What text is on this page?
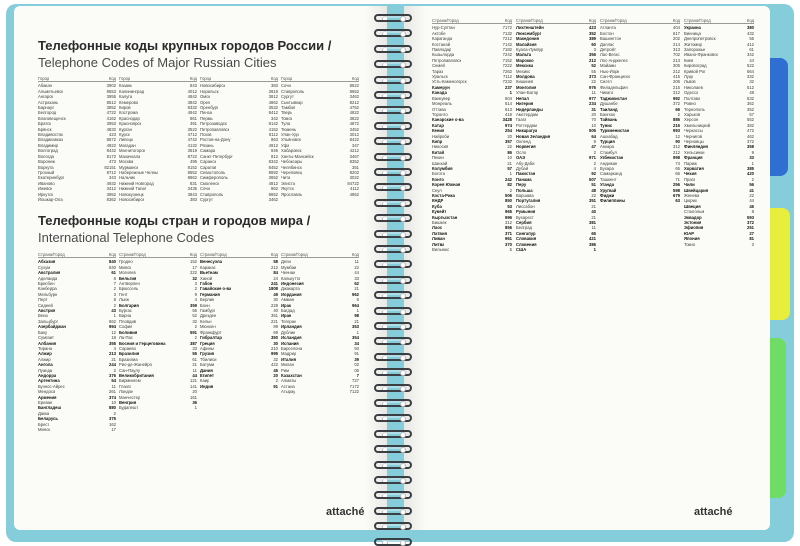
Телефонные коды крупных городов России /
Telephone Codes of Major Russian Cities
Город	Код
Абакан	3902
Альметьевск	8553
Ангарск	3955
Астрахань	8512
Барнаул	3852
Белгород	4722
Благовещенск	4162
Братск	3953
Брянск	4832
Владивосток	423
Владикавказ	8672
Владимир	4922
Волгоград	8442
Вологда	8172
Воронеж	473
Воркута	82151
Грозный	8712
Екатеринбург	343
Иваново	4932
Ижевск	3412
Иркутск	3952
Йошкар-Ола	8362
Город	Код
Казань	843
Калининград	4012
Калуга	4842
Кемерово	3842
Киров	8332
Кострома	4942
Краснодар	861
Красноярск	391
Курган	3522
Курск	4712
Липецк	4742
Магадан	4132
Магнитогорск	3519
Махачкала	8722
Москва	495
Мурманск	8152
Набережные Челны	8552
Нальчик	8662
Нижний Новгород	831
Нижний Тагил	3435
Новокузнецк	3843
Новосибирск	383
Город	Код
Новосибирск	383
Норильск	3919
Омск	3812
Орел	4862
Оренбург	3532
Пенза	8412
Пермь	342
Петрозаводск	8142
Петропавловск	4152
Псков	8112
Ростов-на-Дону	863
Рязань	4912
Самара	846
Санкт-Петербург	812
Саранск	8342
Саратов	8452
Севастополь	8692
Симферополь	3652
Смоленск	4812
Сочи	862
Ставрополь	8652
Сургут	3462
Город	Код
Сочи	8622
Ставрополь	8652
Сургут	3462
Сыктывкар	8212
Тамбов	4752
Тверь	4822
Томск	3822
Тула	4872
Тюмень	3452
Улан-Удэ	3012
Ульяновск	8422
Уфа	347
Хабаровск	4212
Ханты-Мансийск	3467
Чебоксары	8352
Челябинск	351
Череповец	8202
Чита	3022
Элиста	84722
Якутск	4112
Ярославль	4852
Телефонные коды стран и городов мира /
International Telephone Codes
Страна/Город	Код
Абхазия	840
Сухум	840
Австралия	61
Аделаида	8
Брисбен	7
Канберра	2
Мельбурн	3
Перт	8
Сидней	2
Австрия	43
Вена	1
Зальцбург	662
Азербайджан	994
Баку	12
Сумгаит	18
Албания	355
Тирана	4
Алжир	213
Алжир	21
Ангола	244
Луанда	2
Андорра	376
Аргентина	54
Буэнос-Айрес	11
Мендоса	261
Армения	374
Ереван	10
Бангладеш	880
Дакка	2
Беларусь	375
Брест	162
Минск	17
Страна/Город	Код
Гродно	152
Минск	17
Могилев	222
Бельгия	32
Антверпен	3
Брюссель	2
Гент	9
Льеж	4
Болгария	359
Бургас	56
Варна	52
Пловдив	32
София	2
Боливия	591
Ла-Пас	2
Босния и Герцеговина	387
Сараево	33
Бразилия	55
Бразилиа	61
Рио-де-Жанейро	21
Сан-Паулу	11
Великобритания	44
Бирмингем	121
Глазго	141
Лондон	20
Манчестер	161
Венгрия	36
Будапешт	1
Страна/Город	Код
Венесуэла	58
Каракас	212
Вьетнам	84
Ханой	24
Габон	241
Гавайские о-ва	1808
Германия	49
Берлин	30
Бонн	228
Гамбург	40
Дрезден	351
Кельн	221
Мюнхен	89
Франкфурт	69
Гибралтар	350
Греция	30
Афины	210
Грузия	995
Тбилиси	32
Батуми	422
Дания	45
Египет	20
Каир	2
Индия	91
Страна/Город	Код
Дели	11
Мумбаи	22
Ченнаи	44
Калькутта	33
Индонезия	62
Джакарта	21
Иордания	962
Амман	6
Ирак	964
Багдад	1
Иран	98
Тегеран	21
Ирландия	353
Дублин	1
Исландия	354
Испания	34
Барселона	93
Мадрид	91
Италия	39
Милан	02
Рим	06
Казахстан	7
Алматы	727
Астана	7172
Атырау	7122
attaché
Страна/Город	Код
Нур-Султан	7172
Актобе	7132
Караганда	7212
Костанай	7142
Павлодар	7182
Кызылорда	7242
Петропавловск	7152
Семей	7222
Тараз	7262
Уральск	7112
Усть-Каменогорск	7232
Камерун	237
Канада	1
Ванкувер	604
Монреаль	514
Оттава	613
Торонто	416
Канарские о-ва	3428
Катар	974
Кения	254
Найроби	20
Кипр	357
Никосия	22
Китай	86
Пекин	10
Шанхай	21
Колумбия	57
Богота	1
Конго	242
Корея Южная	82
Сеул	2
Коста-Рика	506
КНДР	850
Куба	53
Кувейт	965
Кыргызстан	996
Бишкек	312
Лаос	856
Латвия	371
Ливан	961
Литва	370
Вильнюс	5
Страна/Город	Код
Лихтенштейн	423
Люксембург	352
Македония	389
Малайзия	60
Куала-Лумпур	3
Мальта	356
Марокко	212
Мексика	52
Мехико	55
Молдова	373
Кишинев	22
Монголия	976
Улан-Батор	11
Непал	977
Нигерия	234
Нидерланды	31
Амстердам	20
Гаага	70
Роттердам	10
Никарагуа	505
Новая Зеландия	64
Окленд	9
Норвегия	47
Осло	2
ОАЭ	971
Абу-Даби	2
Дубай	4
Пакистан	92
Панама	507
Перу	51
Польша	48
Варшава	22
Португалия	351
Лиссабон	21
Румыния	40
Бухарест	21
Сербия	381
Белград	11
Сингапур	65
Словакия	421
Словения	386
США	1
Страна/Город	Код
Атланта	404
Бостон	617
Вашингтон	202
Даллас	214
Детройт	313
Лас-Вегас	702
Лос-Анджелес	213
Майами	305
Нью-Йорк	212
Сан-Франциско	415
Сиэтл	206
Филадельфия	215
Чикаго	312
Таджикистан	992
Душанбе	372
Таиланд	66
Бангкок	2
Тайвань	886
Тунис	216
Туркменистан	993
Ашхабад	12
Турция	90
Анкара	312
Стамбул	212
Узбекистан	998
Андижан	74
Бухара	65
Самарканд	66
Ташкент	71
Уганда	256
Уругвай	598
Фиджи	679
Филиппины	63
Страна/Город	Код
Украина	380
Винница	432
Днепропетровск	56
Житомир	412
Запорожье	61
Ивано-Франковск	342
Киев	44
Кировоград	522
Кривой Рог	564
Луцк	332
Львов	32
Николаев	512
Одесса	48
Полтава	532
Ровно	362
Тернополь	352
Харьков	57
Херсон	552
Хмельницкий	382
Черкассы	472
Чернигов	462
Черновцы	372
Финляндия	358
Хельсинки	9
Франция	33
Париж	1
Хорватия	385
Чехия	420
Прага	2
Чили	56
Швейцария	41
Женева	22
Цюрих	44
Швеция	46
Стокгольм	8
Эквадор	593
Эстония	372
Эфиопия	251
ЮАР	27
Япония	81
Токио	3
attaché
